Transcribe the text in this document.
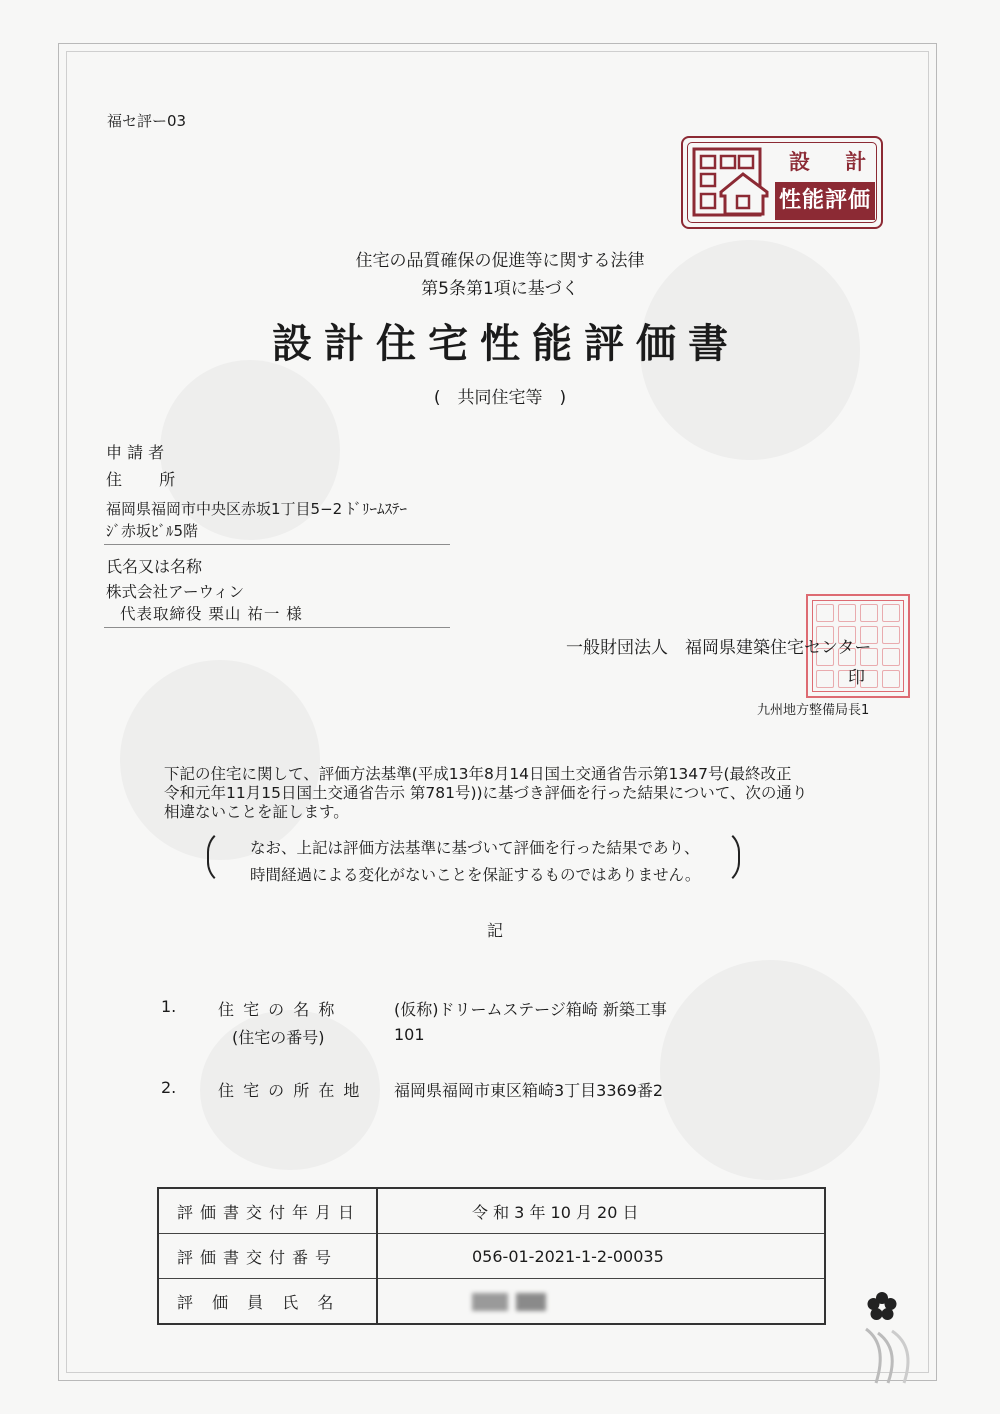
福セ評ー03
設 計
性能評価
住宅の品質確保の促進等に関する法律
第5条第1項に基づく
設計住宅性能評価書
(　共同住宅等　)
申 請 者
住　　 所
福岡県福岡市中央区赤坂1丁目5−2 ﾄﾞﾘｰﾑｽﾃｰ
ｼﾞ赤坂ﾋﾞﾙ5階
氏名又は名称
株式会社アーウィン
代表取締役 栗山 祐一 様
一般財団法人　福岡県建築住宅センター
印
九州地方整備局長1
下記の住宅に関して、評価方法基準(平成13年8月14日国土交通省告示第1347号(最終改正
令和元年11月15日国土交通省告示 第781号))に基づき評価を行った結果について、次の通り
相違ないことを証します。
なお、上記は評価方法基準に基づいて評価を行った結果であり、
時間経過による変化がないことを保証するものではありません。
記
1.	住 宅 の 名 称	(仮称)ドリームステージ箱崎 新築工事
(住宅の番号)	101
2.	住 宅 の 所 在 地 福岡県福岡市東区箱崎3丁目3369番2
評価書交付年月日	令 和 3 年 10 月 20 日
評価書交付番号	056-01-2021-1-2-00035
評 価 員 氏 名	
